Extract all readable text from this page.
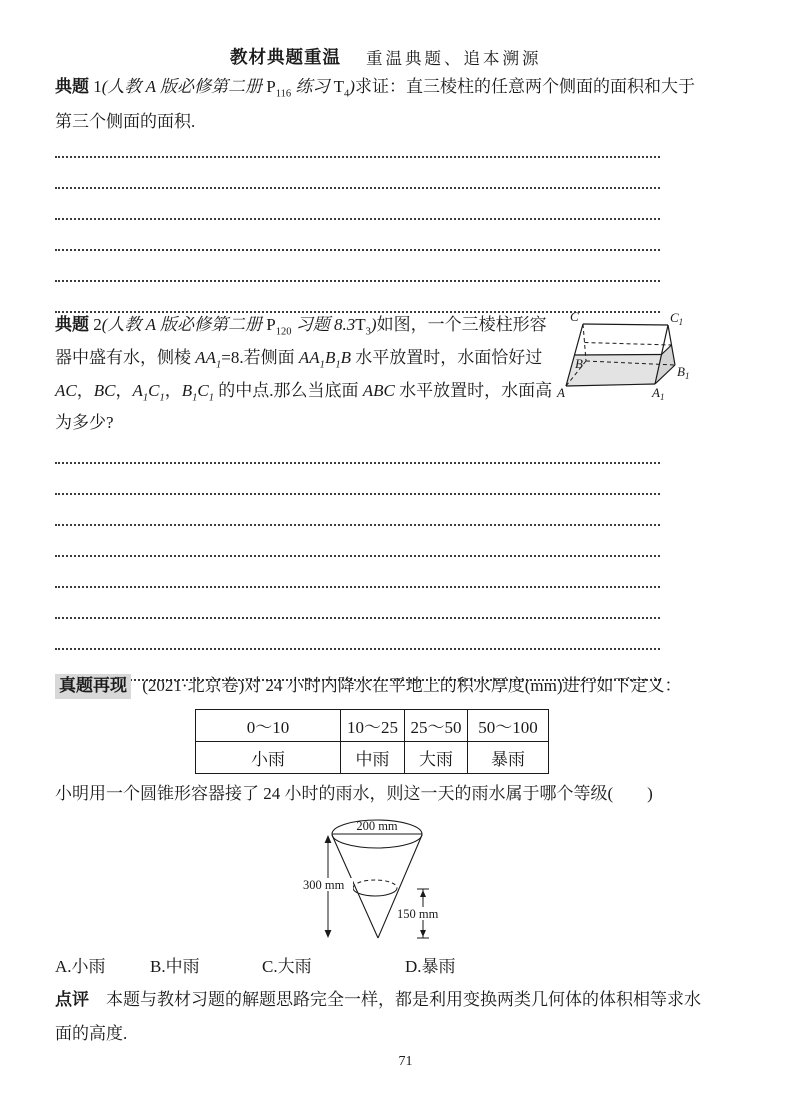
教材典题重温 重温典题、追本溯源
典题 1(人教 A 版必修第二册 $P_{116}$ 练习 $T_4$)求证：直三棱柱的任意两个侧面的面积和大于
第三个侧面的面积.
典题 2(人教 A 版必修第二册 $P_{120}$ 习题 $8.3T_3$)如图，一个三棱柱形容
器中盛有水，侧棱 $AA_1=8$.若侧面 $AA_1B_1B$ 水平放置时，水面恰好过
AC，BC，$A_1C_1$，$B_1C_1$ 的中点.那么当底面 ABC 水平放置时，水面高
为多少?
C	$C_1$
B
$B_1$
A	$A_1$
真题再现 (2021·北京卷)对 24 小时内降水在平地上的积水厚度(mm)进行如下定义：
0～10	10～25	25～50	50～100
小雨	中雨	大雨	暴雨
小明用一个圆锥形容器接了 24 小时的雨水，则这一天的雨水属于哪个等级(　　)
200 mm
300 mm
150 mm
A.小雨	B.中雨	C.大雨	D.暴雨
点评　本题与教材习题的解题思路完全一样，都是利用变换两类几何体的体积相等求水
面的高度.
71
